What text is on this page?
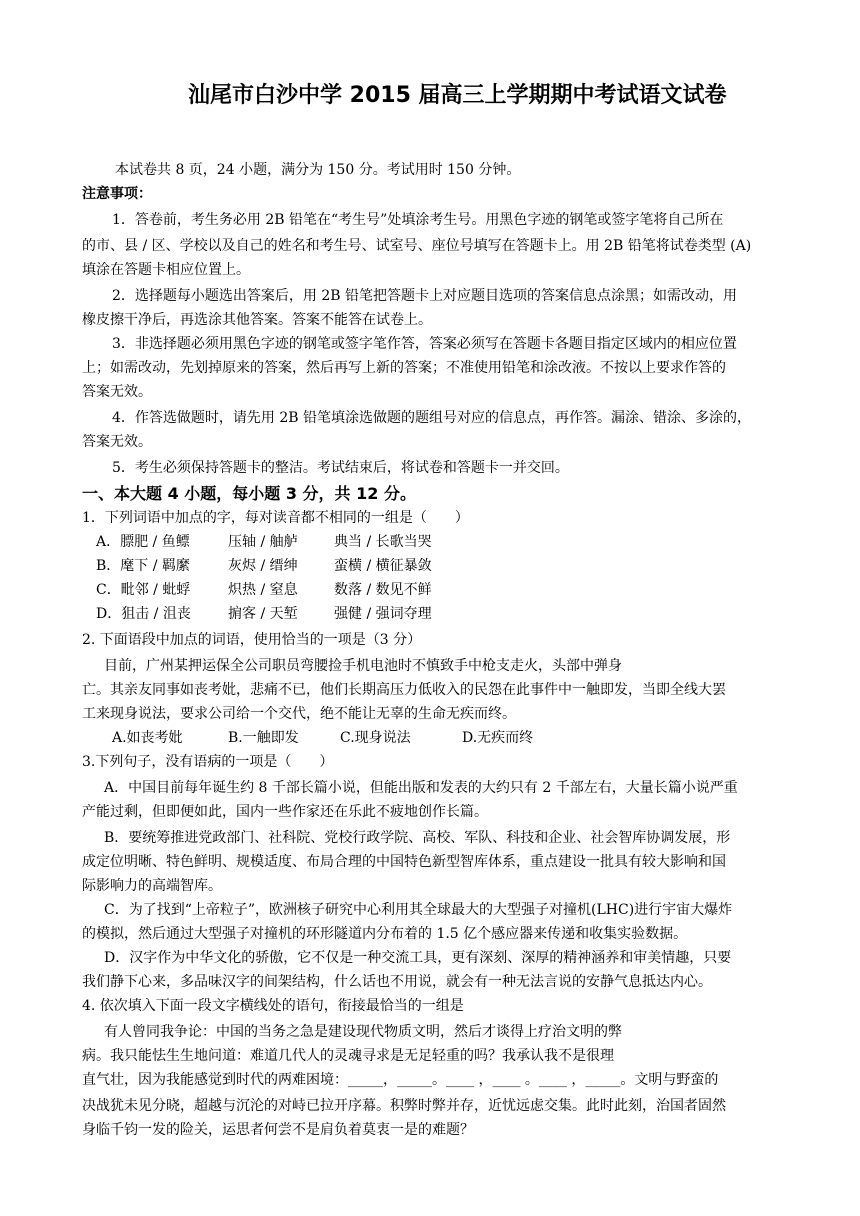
汕尾市白沙中学 2015 届高三上学期期中考试语文试卷
本试卷共 8 页，24 小题，满分为 150 分。考试用时 150 分钟。
注意事项：
1．答卷前，考生务必用 2B 铅笔在“考生号”处填涂考生号。用黑色字迹的钢笔或签字笔将自己所在
的市、县 / 区、学校以及自己的姓名和考生号、试室号、座位号填写在答题卡上。用 2B 铅笔将试卷类型 (A)
填涂在答题卡相应位置上。
2．选择题每小题选出答案后，用 2B 铅笔把答题卡上对应题目选项的答案信息点涂黑；如需改动，用
橡皮擦干净后，再选涂其他答案。答案不能答在试卷上。
3．非选择题必须用黑色字迹的钢笔或签字笔作答，答案必须写在答题卡各题目指定区域内的相应位置
上；如需改动，先划掉原来的答案，然后再写上新的答案；不准使用铅笔和涂改液。不按以上要求作答的
答案无效。
4．作答选做题时，请先用 2B 铅笔填涂选做题的题组号对应的信息点，再作答。漏涂、错涂、多涂的，
答案无效。
5．考生必须保持答题卡的整洁。考试结束后，将试卷和答题卡一并交回。
一、本大题 4 小题，每小题 3 分，共 12 分。
1．下列词语中加点的字，每对读音都不相同的一组是（　　）
A．膘肥 / 鱼鳔	压轴 / 舳舻	典当 / 长歌当哭
B．麾下 / 羁縻	灰烬 / 缙绅	蛮横 / 横征暴敛
C．毗邻 / 蚍蜉	炽热 / 窒息	数落 / 数见不鲜
D．狙击 / 沮丧	掮客 / 天堑	强健 / 强词夺理
2. 下面语段中加点的词语，使用恰当的一项是（3 分）
目前，广州某押运保全公司职员弯腰捡手机电池时不慎致手中枪支走火，头部中弹身
亡。其亲友同事如丧考妣，悲痛不已，他们长期高压力低收入的民怨在此事件中一触即发，当即全线大罢
工来现身说法，要求公司给一个交代，绝不能让无辜的生命无疾而终。
A.如丧考妣	B.一触即发	C.现身说法	D.无疾而终
3.下列句子，没有语病的一项是（　　）
A．中国目前每年诞生约 8 千部长篇小说，但能出版和发表的大约只有 2 千部左右，大量长篇小说严重
产能过剩，但即便如此，国内一些作家还在乐此不疲地创作长篇。
B．要统筹推进党政部门、社科院、党校行政学院、高校、军队、科技和企业、社会智库协调发展，形
成定位明晰、特色鲜明、规模适度、布局合理的中国特色新型智库体系，重点建设一批具有较大影响和国
际影响力的高端智库。
C．为了找到“上帝粒子”，欧洲核子研究中心利用其全球最大的大型强子对撞机(LHC)进行宇宙大爆炸
的模拟，然后通过大型强子对撞机的环形隧道内分布着的 1.5 亿个感应器来传递和收集实验数据。
D．汉字作为中华文化的骄傲，它不仅是一种交流工具，更有深刻、深厚的精神涵养和审美情趣，只要
我们静下心来，多品味汉字的间架结构，什么话也不用说，就会有一种无法言说的安静气息抵达内心。
4. 依次填入下面一段文字横线处的语句，衔接最恰当的一组是
有人曾同我争论：中国的当务之急是建设现代物质文明，然后才谈得上疗治文明的弊
病。我只能怯生生地问道：难道几代人的灵魂寻求是无足轻重的吗？我承认我不是很理
直气壮，因为我能感觉到时代的两难困境：_____，_____。____ ，____ 。____ ，_____。文明与野蛮的
决战犹未见分晓，超越与沉沦的对峙已拉开序幕。积弊时弊并存，近忧远虑交集。此时此刻，治国者固然
身临千钧一发的险关，运思者何尝不是肩负着莫衷一是的难题？
